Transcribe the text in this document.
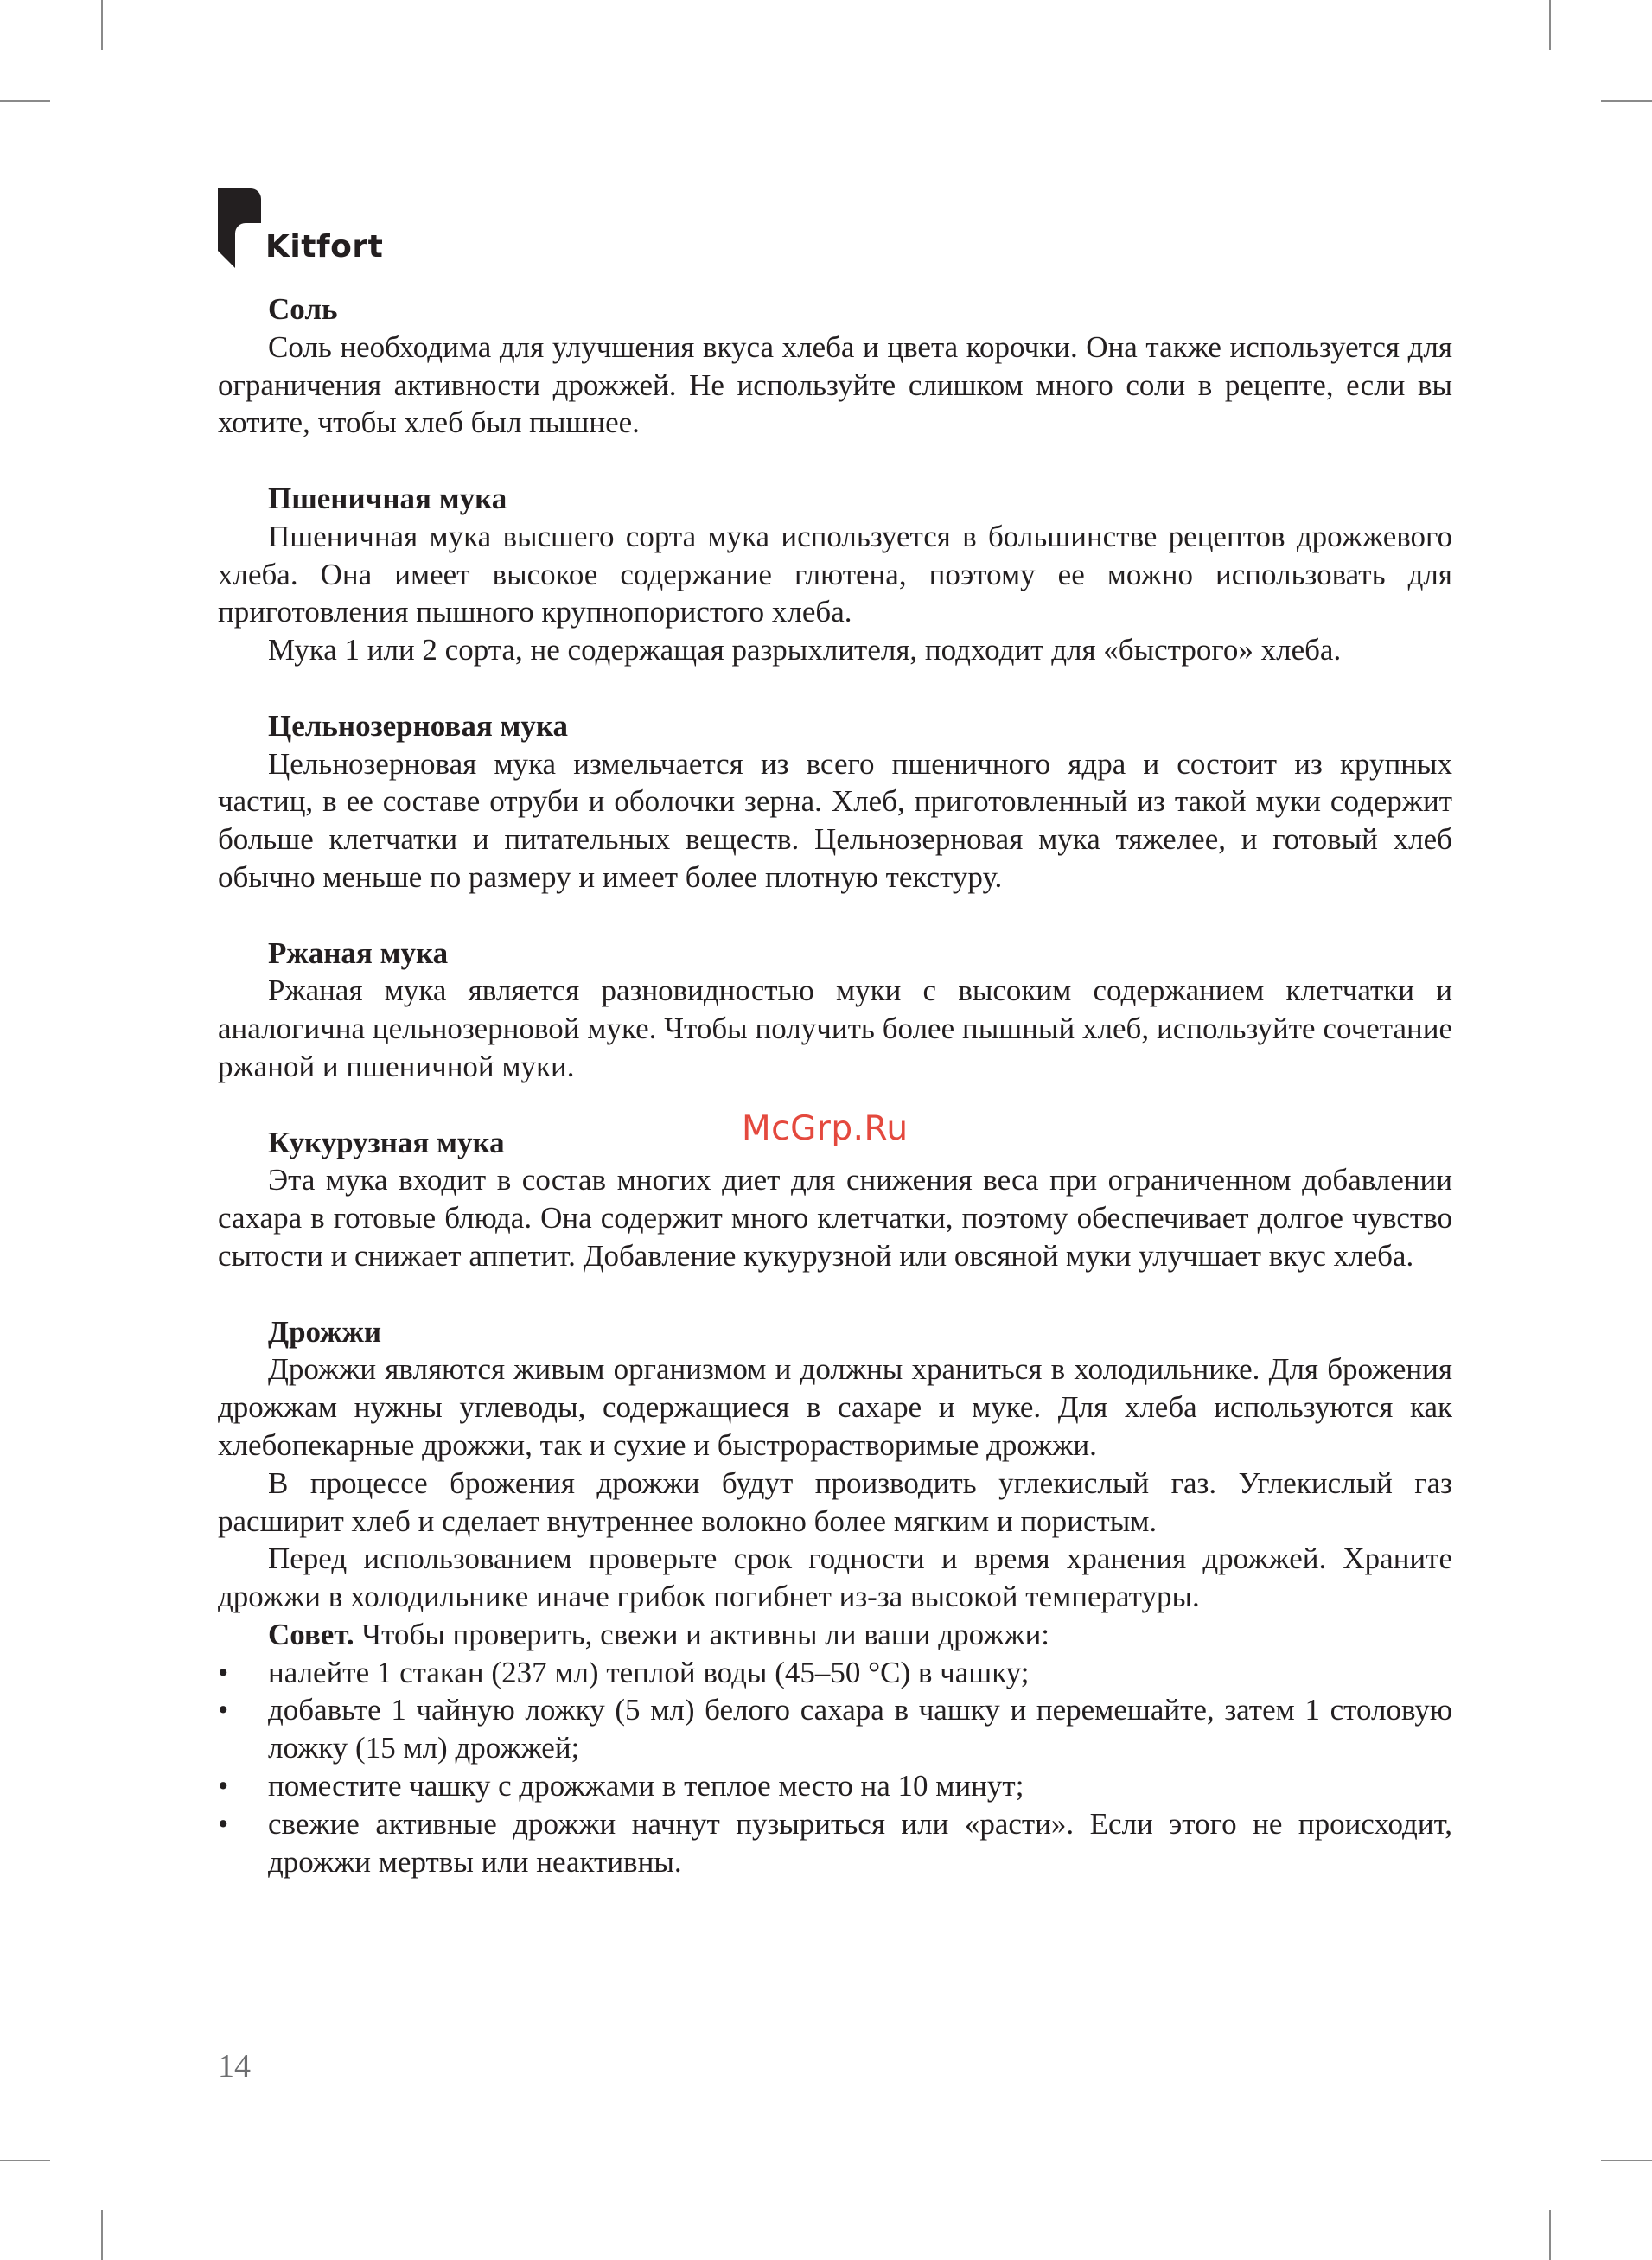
Kitfort

Соль

Соль необходима для улучшения вкуса хлеба и цвета корочки. Она также используется для ограничения активности дрожжей. Не используйте слишком много соли в рецепте, если вы хотите, чтобы хлеб был пышнее.

Пшеничная мука

Пшеничная мука высшего сорта мука используется в большинстве рецептов дрожжевого хлеба. Она имеет высокое содержание глютена, поэтому ее можно использовать для приготовления пышного крупнопористого хлеба.

Мука 1 или 2 сорта, не содержащая разрыхлителя, подходит для «быстрого» хлеба.

Цельнозерновая мука

Цельнозерновая мука измельчается из всего пшеничного ядра и состоит из крупных частиц, в ее составе отруби и оболочки зерна. Хлеб, приготовленный из такой муки содержит больше клетчатки и питательных веществ. Цельнозерновая мука тяжелее, и готовый хлеб обычно меньше по размеру и имеет более плотную текстуру.

Ржаная мука

Ржаная мука является разновидностью муки с высоким содержанием клетчатки и аналогична цельнозерновой муке. Чтобы получить более пышный хлеб, используйте сочетание ржаной и пшеничной муки.

Кукурузная мука

Эта мука входит в состав многих диет для снижения веса при ограниченном добавлении сахара в готовые блюда. Она содержит много клетчатки, поэтому обеспечивает долгое чувство сытости и снижает аппетит. Добавление кукурузной или овсяной муки улучшает вкус хлеба.

Дрожжи

Дрожжи являются живым организмом и должны храниться в холодильнике. Для брожения дрожжам нужны углеводы, содержащиеся в сахаре и муке. Для хлеба используются как хлебопекарные дрожжи, так и сухие и быстрорастворимые дрожжи.

В процессе брожения дрожжи будут производить углекислый газ. Углекислый газ расширит хлеб и сделает внутреннее волокно более мягким и пористым.

Перед использованием проверьте срок годности и время хранения дрожжей. Храните дрожжи в холодильнике иначе грибок погибнет из-за высокой температуры.

Совет. Чтобы проверить, свежи и активны ли ваши дрожжи:

• налейте 1 стакан (237 мл) теплой воды (45–50 °C) в чашку;
• добавьте 1 чайную ложку (5 мл) белого сахара в чашку и перемешайте, затем 1 столовую ложку (15 мл) дрожжей;
• поместите чашку с дрожжами в теплое место на 10 минут;
• свежие активные дрожжи начнут пузыриться или «расти». Если этого не происходит, дрожжи мертвы или неактивны.
McGrp.Ru
14
